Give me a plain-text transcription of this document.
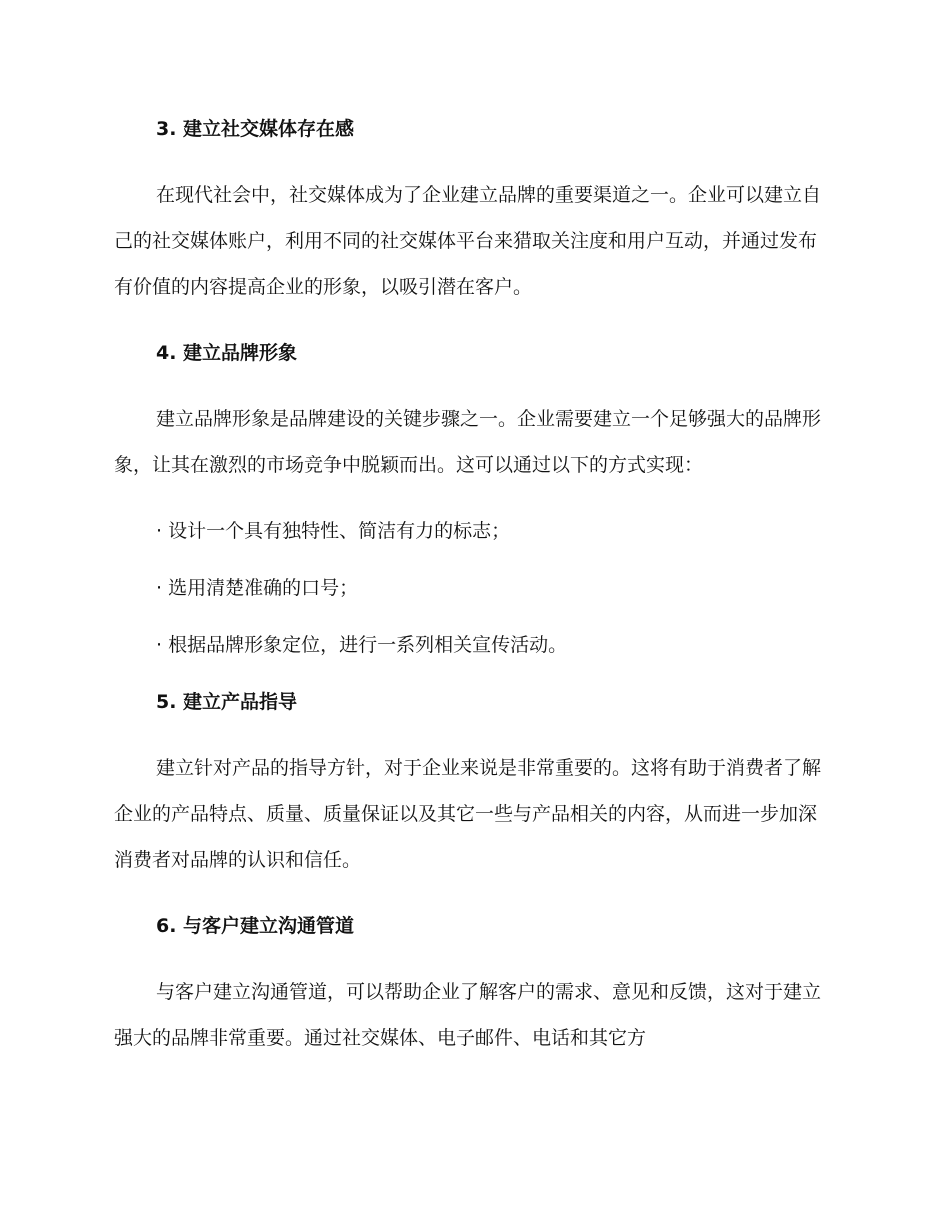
3. 建立社交媒体存在感
在现代社会中，社交媒体成为了企业建立品牌的重要渠道之一。企业可以建立自己的社交媒体账户，利用不同的社交媒体平台来猎取关注度和用户互动，并通过发布有价值的内容提高企业的形象，以吸引潜在客户。
4. 建立品牌形象
建立品牌形象是品牌建设的关键步骤之一。企业需要建立一个足够强大的品牌形象，让其在激烈的市场竞争中脱颖而出。这可以通过以下的方式实现：
· 设计一个具有独特性、简洁有力的标志；
· 选用清楚准确的口号；
· 根据品牌形象定位，进行一系列相关宣传活动。
5. 建立产品指导
建立针对产品的指导方针，对于企业来说是非常重要的。这将有助于消费者了解企业的产品特点、质量、质量保证以及其它一些与产品相关的内容，从而进一步加深消费者对品牌的认识和信任。
6. 与客户建立沟通管道
与客户建立沟通管道，可以帮助企业了解客户的需求、意见和反馈，这对于建立强大的品牌非常重要。通过社交媒体、电子邮件、电话和其它方
